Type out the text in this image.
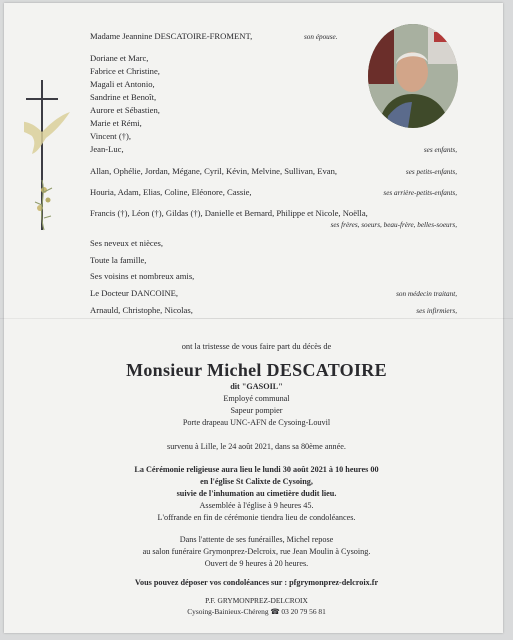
Madame Jeannine DESCATOIRE-FROMENT,	son épouse.
Doriane et Marc,
Fabrice et Christine,
Magali et Antonio,
Sandrine et Benoît,
Aurore et Sébastien,
Marie et Rémi,
Vincent (†),
Jean-Luc,	ses enfants,
Allan, Ophélie, Jordan, Mégane, Cyril, Kévin, Melvine, Sullivan, Evan,	ses petits-enfants,
Houria, Adam, Elias, Coline, Eléonore, Cassie,	ses arrière-petits-enfants,
Francis (†), Léon (†), Gildas (†), Danielle et Bernard, Philippe et Nicole, Noëlla,
ses frères, soeurs, beau-frère, belles-soeurs,
Ses neveux et nièces,
Toute la famille,
Ses voisins et nombreux amis,
Le Docteur DANCOINE,	son médecin traitant,
Arnauld, Christophe, Nicolas,	ses infirmiers,
ont la tristesse de vous faire part du décès de
Monsieur Michel DESCATOIRE
dit "GASOIL"
Employé communal
Sapeur pompier
Porte drapeau UNC-AFN de Cysoing-Louvil
survenu à Lille, le 24 août 2021, dans sa 80ème année.
La Cérémonie religieuse aura lieu le lundi 30 août 2021 à 10 heures 00
en l'église St Calixte de Cysoing,
suivie de l'inhumation au cimetière dudit lieu.
Assemblée à l'église à 9 heures 45.
L'offrande en fin de cérémonie tiendra lieu de condoléances.
Dans l'attente de ses funérailles, Michel repose
au salon funéraire Grymonprez-Delcroix, rue Jean Moulin à Cysoing.
Ouvert de 9 heures à 20 heures.
Vous pouvez déposer vos condoléances sur : pfgrymonprez-delcroix.fr
P.F. GRYMONPREZ-DELCROIX
Cysoing-Bainieux-Chéreng ☎ 03 20 79 56 81
